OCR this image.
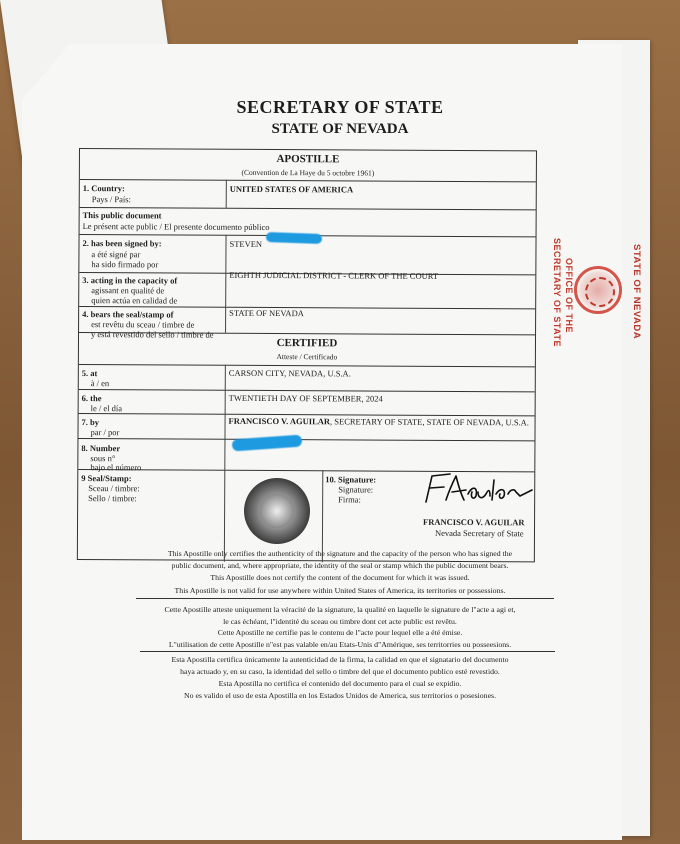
SECRETARY OF STATE
STATE OF NEVADA
APOSTILLE
(Convention de La Haye du 5 octobre 1961)
1. Country:
Pays / País:
UNITED STATES OF AMERICA
This public document
Le présent acte public / El presente documento público
2. has been signed by:
a été signé par
ha sido firmado por
STEVEN
3. acting in the capacity of
agissant en qualité de
quien actúa en calidad de
EIGHTH JUDICIAL DISTRICT - CLERK OF THE COURT
4. bears the seal/stamp of
est revêtu du sceau / timbre de
y está revestido del sello / timbre de
STATE OF NEVADA
CERTIFIED
Atteste / Certificado
5. at
à / en
CARSON CITY, NEVADA, U.S.A.
6. the
le / el día
TWENTIETH DAY OF SEPTEMBER, 2024
7. by
par / por
FRANCISCO V. AGUILAR, SECRETARY OF STATE, STATE OF NEVADA, U.S.A.
8. Number
sous n°
bajo el número
9 Seal/Stamp:
Sceau / timbre:
Sello / timbre:
10. Signature:
Signature:
Firma:
FRANCISCO V. AGUILAR
Nevada Secretary of State
This Apostille only certifies the authenticity of the signature and the capacity of the person who has signed the
public document, and, where appropriate, the identity of the seal or stamp which the public document bears.
This Apostille does not certify the content of the document for which it was issued.
This Apostille is not valid for use anywhere within United States of America, its territories or possessions.
Cette Apostille atteste uniquement la véracité de la signature, la qualité en laquelle le signature de l"acte a agi et,
le cas échéant, l"identité du sceau ou timbre dont cet acte public est revêtu.
Cette Apostille ne certifie pas le contenu de l"acte pour lequel elle a été émise.
L"utilisation de cette Apostille n"est pas valable en/au Etats-Unis d"Amérique, ses territorries ou posseesions.
Esta Apostilla certifica únicamente la autenticidad de la firma, la calidad en que el signatario del documento
haya actuado y, en su caso, la identidad del sello o timbre del que el documento publico esté revestido.
Esta Apostilla no certifica el contenido del documento para el cual se expidio.
No es valido el uso de esta Apostilla en los Estados Unidos de America, sus territorios o posesiones.
SECRETARY OF STATE OFFICE OF THE	STATE OF NEVADA
